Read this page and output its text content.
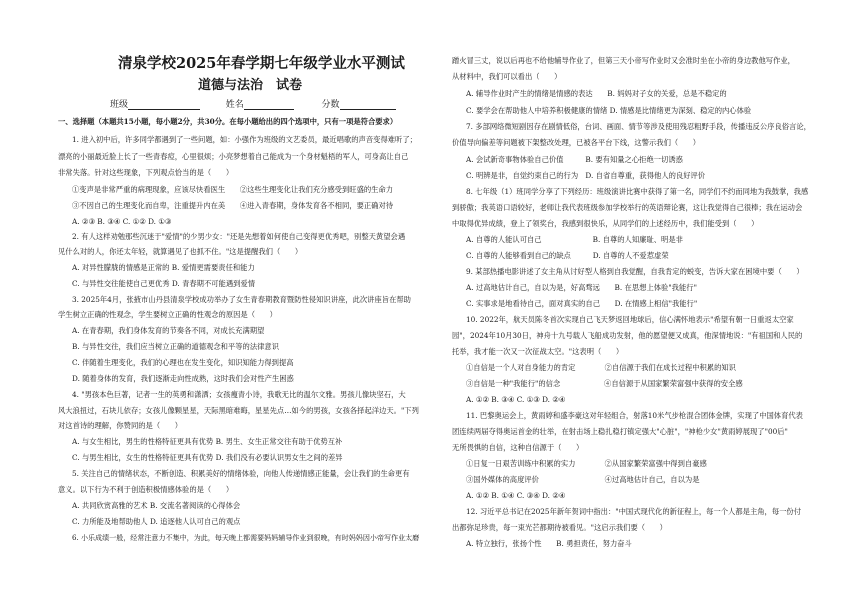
清泉学校2025年春学期七年级学业水平测试
道德与法治　试卷
班级	姓名	分数
一、选择题（本题共15小题，每小题2分，共30分。在每小题给出的四个选项中，只有一项是符合要求）
1. 进入初中后，许多同学都遇到了一些问题，如：小强作为班级的文艺委员，最近唱歌的声音变得难听了；
漂亮的小丽最近脸上长了一些青春痘，心里很烦；小亮梦想着自己能成为一个身材魁梧的军人，可身高让自己
非常失落。针对这些现象，下列观点恰当的是（　　）
①变声是非常严重的病理现象，应该尽快看医生　　②这些生理变化让我们充分感受到旺盛的生命力
③不因自己的生理变化而自卑，注重提升内在美　　④进入青春期，身体发育各不相同，要正确对待
A. ②③ B. ③④ C. ①② D. ①③
2. 有人这样劝勉那些沉迷于"爱情"的少男少女："还是先想着如何使自己变得更优秀吧，别整天黄望会遇
见什么对的人，你还太年轻，就算遇见了也抓不住。"这是提醒我们（　　）
A. 对异性朦胧的情感是正常的 B. 爱情更需要责任和能力
C. 与异性交往能使自己更优秀 D. 青春期不可能遇到爱情
3. 2025年4月，张掖市山丹县清泉学校成功举办了女生青春期教育暨防性侵知识讲座，此次讲座旨在帮助
学生树立正确的性观念，学生要树立正确的性观念的原因是（　　）
A. 在青春期，我们身体发育的节奏各不同，对成长充满期望
B. 与异性交往，我们应当树立正确的道德观念和平等的法律意识
C. 伴随着生理变化，我们的心理也在发生变化，知识知能力得到提高
D. 随着身体的发育，我们逐渐走向性成熟，这时我们会对性产生困惑
4. "男孩本色巨著，记者一生的英勇和潇洒；女孩瘦青小诗，我歌无比的温尔文雅。男孩儿像块坚石，大
风大浪扭过，石块儿依存；女孩儿像颗星星，天际黑暗难晦，星星先点…如今的男孩，女孩各择起洋边天。"下列
对这首诗的理解，你赞同的是（　　）
A. 与女生相比，男生的性格特征更具有优势 B. 男生、女生正常交往有助于优势互补
C. 与男生相比，女生的性格特征更具有优势 D. 我们没有必要认识男女生之间的差异
5. 关注自己的情绪状态，不断创造、积累美好的情绪体验，向他人传递情感正能量，会让我们的生命更有
意义。以下行为不利于创造积极情感体验的是（　　）
A. 共同欣赏高雅的艺术 B. 交流名著阅读的心得体会
C. 力所能及地帮助他人 D. 追逐他人认可自己的观点
6. 小乐成绩一般，经常注意力不集中，为此，每天晚上都需要妈妈辅导作业到很晚，有时妈妈因小帝写作业太磨
蹭火冒三丈，说以后再也不给他辅导作业了，但第三天小帝写作业时又会准时坐在小帝的身边教他写作业，
从材料中，我们可以看出（　　）
A. 辅导作业时产生的情绪是情感的表达　　B. 妈妈对子女的关爱，总是不稳定的
C. 要学会在帮助他人中培养积极健康的情绪 D. 情感是比情绪更为深刻、稳定的内心体验
7. 多部网络微短剧因存在剧情低俗，台词、画面、情节等涉及使用残忍粗野手段，传播违反公序良俗言论，
价值导向偏差等问题被下架整改处理，已被各平台下线，这警示我们（　　）
A. 会试新奇事物体验自己价值　　　B. 要有知量之心拒绝一切诱惑
C. 明辨是非，自觉约束自己的行为　D. 自省自尊重，获得他人的良好评价
8. 七年级（1）班同学分享了下列经历：班级演讲比赛中获得了第一名，同学们不约而同地为我鼓掌，我感
到骄傲；我英语口语较好，老师让我代表班级参加学校举行的英语辩论赛，这让我觉得自己很棒；我在运动会
中取得优异成绩，登上了领奖台，我感到很快乐，从同学们的上述经历中，我们能受到（　　）
A. 自尊的人能认可自己　　　　　　　B. 自尊的人知廉耻、明是非
C. 自尊的人能够看到自己的缺点　　　D. 自尊的人不爱惹虚荣
9. 某部热播电影讲述了女主角从讨好型人格到自我觉醒，自我肯定的蜕变，告诉大家在困境中要（　　）
A. 过高地估计自己，自以为是，好高骛远　　B. 在思想上体验"我能行"
C. 实事求是地看待自己，面对真实的自己　　D. 在情感上相信"我能行"
10. 2022年，航天员陈冬首次实现自己飞天梦返回地球后，信心满怀地表示"希望有朝一日重返太空家
园"，2024年10月30日，神舟十九号载人飞船成功发射，他的愿望便又成真，他深情地说："有祖国和人民的
托举，我才能一次又一次征战太空。"这表明（　　）
①自信是一个人对自身能力的肯定　　　　②自信源于我们在成长过程中积累的知识
③自信是一种"我能行"的信念　　　　　　④自信源于从国家繁荣富强中获得的安全感
A. ①② B. ③④ C. ①③ D. ②④
11. 巴黎奥运会上，黄雨婷和盛李豪这对年轻组合，射落10米气步枪混合团体金牌，实现了中国体育代表
团连续两届夺得奥运首金的壮举，在射击场上稳扎稳打镇定强大"心脏"，"神枪少女"黄雨婷展现了"00后"
无所畏惧的自信，这种自信源于（　　）
①日复一日艰苦训练中积累的实力　　　　②从国家繁荣富强中得到自豪感
③国外媒体的高度评价　　　　　　　　　④过高地估计自己，自以为是
A. ①② B. ①④ C. ③④ D. ②④
12. 习近平总书记在2025年新年贺词中指出："中国式现代化的新征程上，每一个人都是主角，每一份付
出都弥足珍贵，每一束光芒都期待被看见。"这启示我们要（　　）
A. 特立独行，张扬个性　　B. 勇担责任，努力奋斗
